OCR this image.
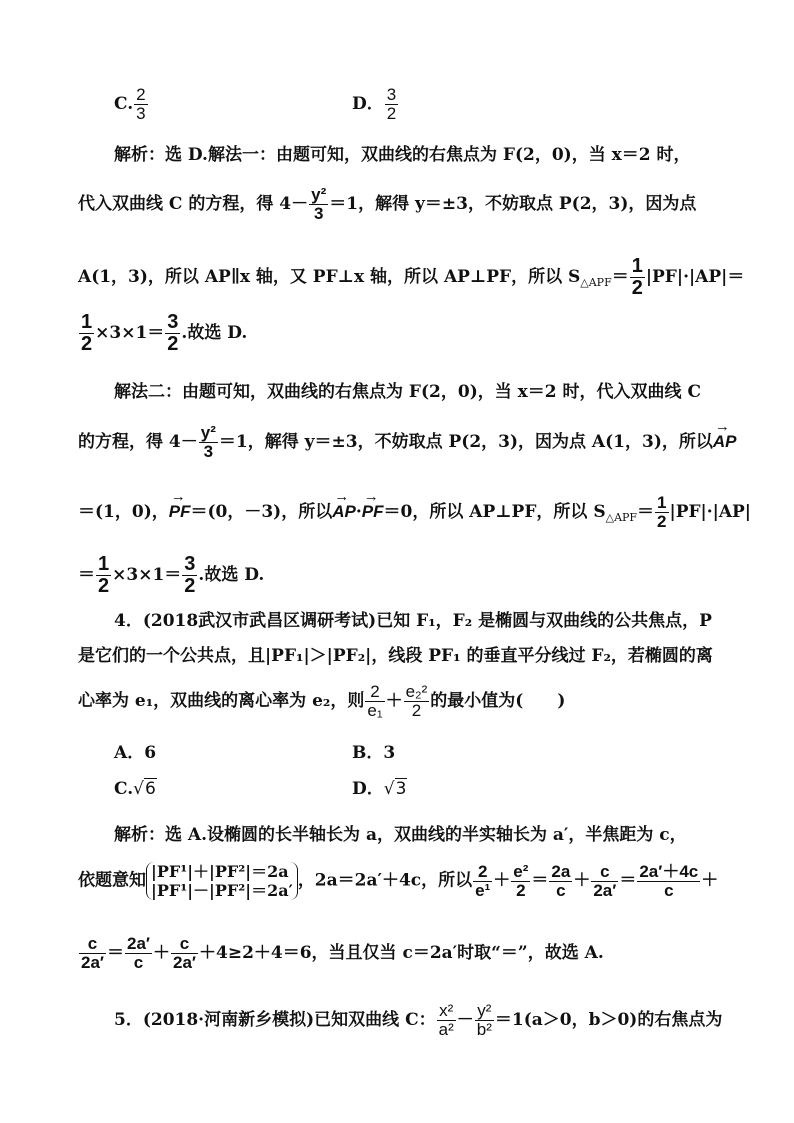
C. $\frac{2}{3}$	D． $\frac{3}{2}$
解析：选 D.解法一：由题可知，双曲线的右焦点为 F(2，0)，当 x＝2 时，
代入双曲线 C 的方程，得 $4- \frac{\text{y²}}{3} =1$，解得 y＝±3，不妨取点 P(2，3)，因为点
A(1，3)，所以 AP∥x 轴，又 PF⊥x 轴，所以 AP⊥PF，所以 $S_{\triangle APF}= \frac{1}{2} |PF|\cdot|AP|=$
$\frac{1}{2} \times 3\times 1= \frac{3}{2}$ .故选 D.
解法二：由题可知，双曲线的右焦点为 F(2，0)，当 x＝2 时，代入双曲线 C
的方程，得 $4- \frac{\text{y²}}{3} =1$，解得 y＝±3，不妨取点 P(2，3)，因为点 A(1，3)，所以→ AP
＝(1，0)，→ PF＝(0，－3)，所以→ AP·→ PF＝0，所以 AP⊥PF，所以 $S_{\triangle APF}= \frac{1}{2} |PF|\cdot|AP|$
＝ $\frac{1}{2} \times 3\times 1= \frac{3}{2}$ .故选 D.
4．(2018武汉市武昌区调研考试)已知 F₁，F₂ 是椭圆与双曲线的公共焦点，P
是它们的一个公共点，且|PF₁|＞|PF₂|，线段 PF₁ 的垂直平分线过 F₂，若椭圆的离
心率为 e₁，双曲线的离心率为 e₂，则 $\frac{2}{\text{e₁}} + \frac{\text{e₂²}}{2}$ 的最小值为(　　)
A．6	B．3
C.√6	D．√3
解析：选 A.设椭圆的长半轴长为 a，双曲线的半实轴长为 a′，半焦距为 c，
依题意知 |PF¹|＋|PF²|＝2a
|PF¹|－|PF²|＝2a′ ，2a＝2a′＋4c，所以 $\frac{2}{\text{e¹}} + \frac{\text{e²}}{2} = \frac{2a}{c} + \frac{c}{2a'} = \frac{2a'+4c}{c}$ ＋
$\frac{c}{2a'} = \frac{2a'}{c} + \frac{c}{2a'} +4\ge 2+4=6$，当且仅当 c＝2a′时取“＝”，故选 A.
5．(2018·河南新乡模拟)已知双曲线 C： $\frac{\text{x²}}{\text{a²}} - \frac{\text{y²}}{\text{b²}} =1(a>0$，b＞0)的右焦点为
